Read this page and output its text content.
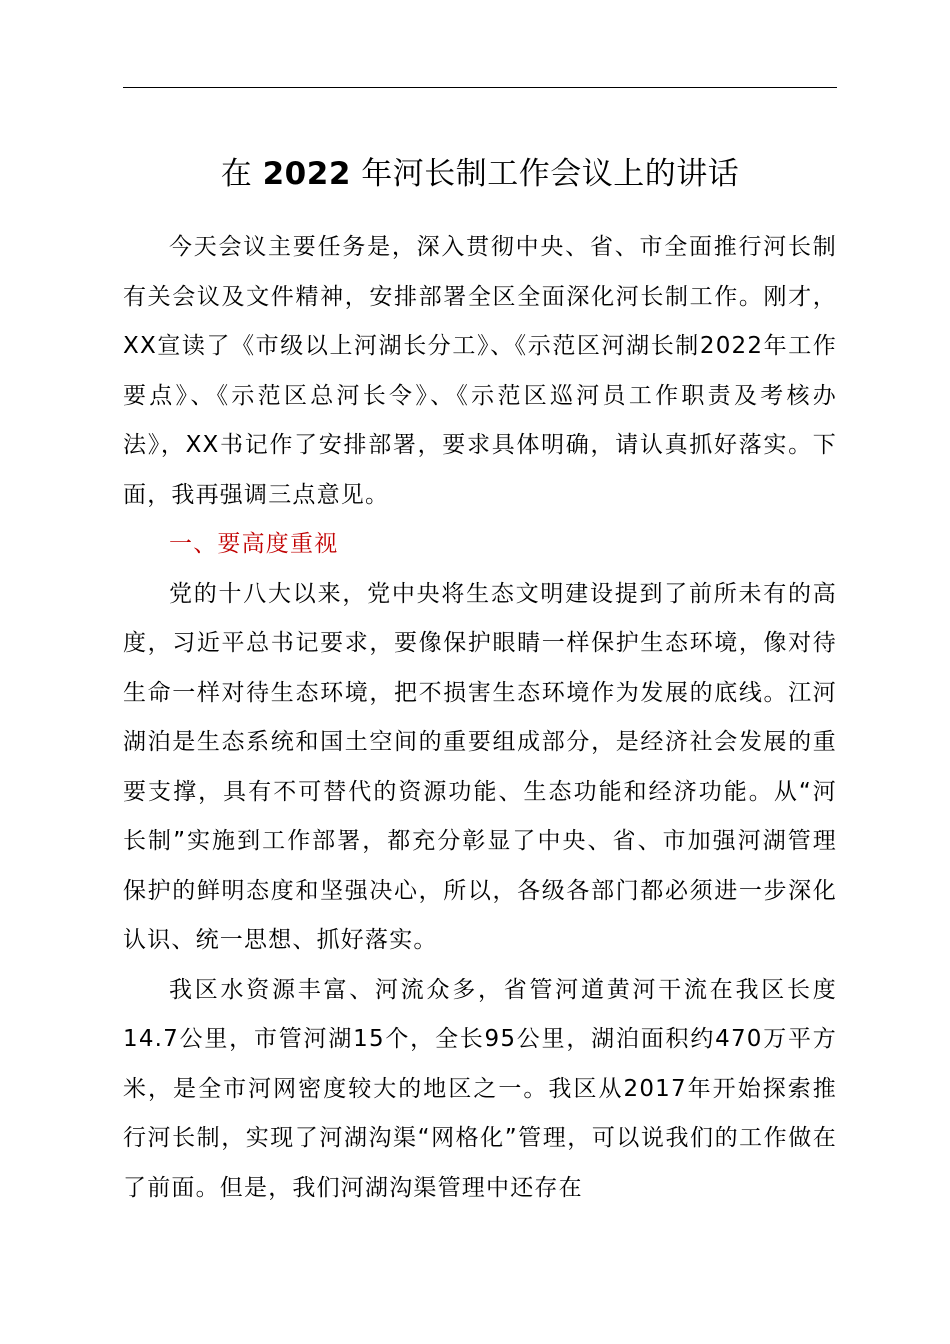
在 2022 年河长制工作会议上的讲话

今天会议主要任务是，深入贯彻中央、省、市全面推行河长制有关会议及文件精神，安排部署全区全面深化河长制工作。刚才，XX宣读了《市级以上河湖长分工》、《示范区河湖长制2022年工作要点》、《示范区总河长令》、《示范区巡河员工作职责及考核办法》，XX书记作了安排部署，要求具体明确，请认真抓好落实。下面，我再强调三点意见。

一、要高度重视

党的十八大以来，党中央将生态文明建设提到了前所未有的高度，习近平总书记要求，要像保护眼睛一样保护生态环境，像对待生命一样对待生态环境，把不损害生态环境作为发展的底线。江河湖泊是生态系统和国土空间的重要组成部分，是经济社会发展的重要支撑，具有不可替代的资源功能、生态功能和经济功能。从“河长制”实施到工作部署，都充分彰显了中央、省、市加强河湖管理保护的鲜明态度和坚强决心，所以，各级各部门都必须进一步深化认识、统一思想、抓好落实。

我区水资源丰富、河流众多，省管河道黄河干流在我区长度14.7公里，市管河湖15个，全长95公里，湖泊面积约470万平方米，是全市河网密度较大的地区之一。我区从2017年开始探索推行河长制，实现了河湖沟渠“网格化”管理，可以说我们的工作做在了前面。但是，我们河湖沟渠管理中还存在
